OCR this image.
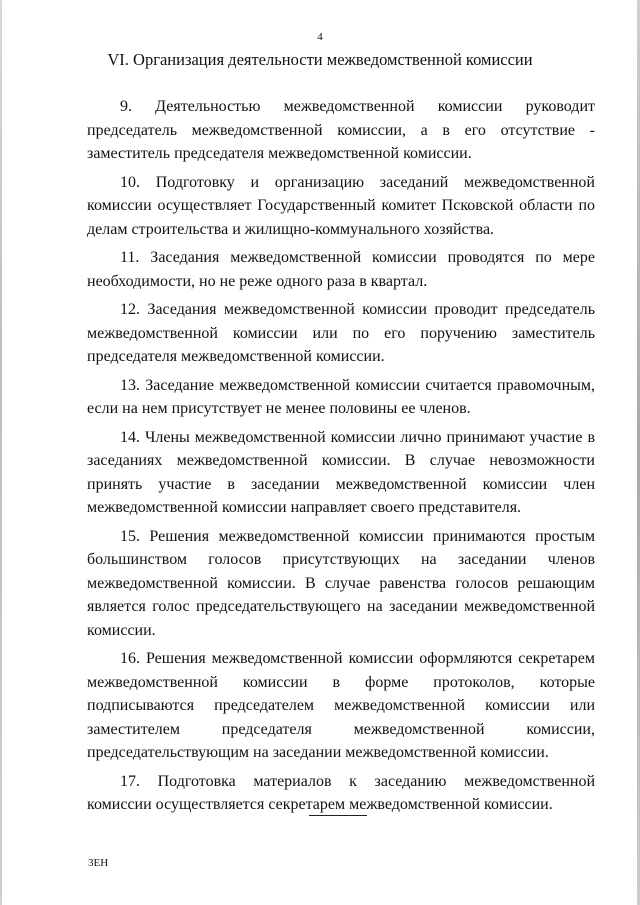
4
VI. Организация деятельности межведомственной комиссии

9. Деятельностью межведомственной комиссии руководит председатель межведомственной комиссии, а в его отсутствие - заместитель председателя межведомственной комиссии.

10. Подготовку и организацию заседаний межведомственной комиссии осуществляет Государственный комитет Псковской области по делам строительства и жилищно-коммунального хозяйства.

11. Заседания межведомственной комиссии проводятся по мере необходимости, но не реже одного раза в квартал.

12. Заседания межведомственной комиссии проводит председатель межведомственной комиссии или по его поручению заместитель председателя межведомственной комиссии.

13. Заседание межведомственной комиссии считается правомочным, если на нем присутствует не менее половины ее членов.

14. Члены межведомственной комиссии лично принимают участие в заседаниях межведомственной комиссии. В случае невозможности принять участие в заседании межведомственной комиссии член межведомственной комиссии направляет своего представителя.

15. Решения межведомственной комиссии принимаются простым большинством голосов присутствующих на заседании членов межведомственной комиссии. В случае равенства голосов решающим является голос председательствующего на заседании межведомственной комиссии.

16. Решения межведомственной комиссии оформляются секретарем межведомственной комиссии в форме протоколов, которые подписываются председателем межведомственной комиссии или заместителем председателя межведомственной комиссии, председательствующим на заседании межведомственной комиссии.

17. Подготовка материалов к заседанию межведомственной комиссии осуществляется секретарем межведомственной комиссии.

3ЕН
